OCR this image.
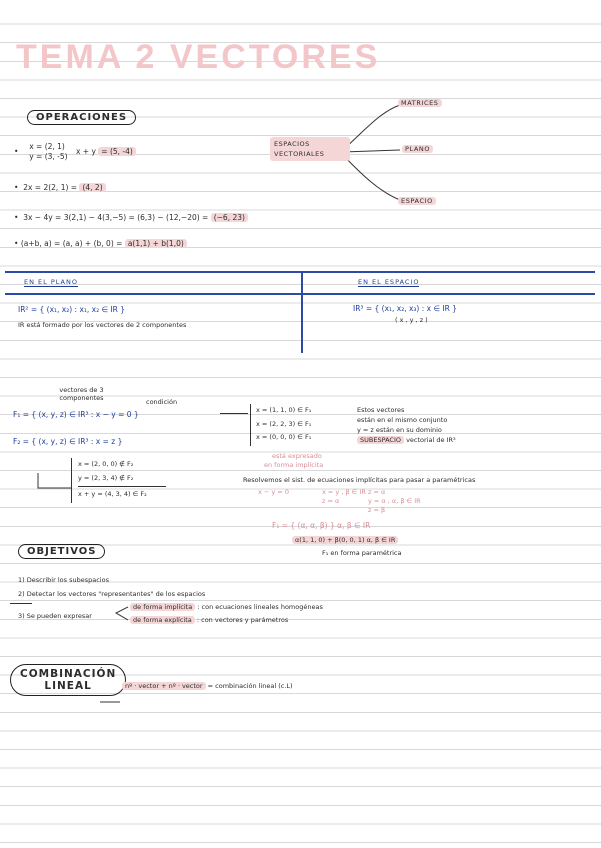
TEMA 2 VECTORES
OPERACIONES
•  x = (2, 1)
y = (3, -5) x + y = (5, -4)
•  2x = 2(2, 1) = (4, 2)
•  3x − 4y = 3(2,1) − 4(3,−5) = (6,3) − (12,−20) = (−6, 23)
• (a+b, a) = (a, a) + (b, 0) = a(1,1) + b(1,0)
ESPACIOS VECTORIALES
MATRICES
PLANO
ESPACIO
EN EL PLANO	EN EL ESPACIO
IR² = { (x₁, x₂) : x₁, x₂ ∈ IR }
IR está formado por los vectores de 2 componentes
IR³ = { (x₁, x₂, x₃) : x ∈ IR }
( x , y , z )
vectores de 3 componentes	condición
F₁ = { (x, y, z) ∈ IR³ : x − y = 0 }
F₂ = { (x, y, z) ∈ IR³ : x = z }
x = (2, 0, 0) ∉ F₂
y = (2, 3, 4) ∉ F₂
x + y = (4, 3, 4) ∈ F₂
x = (1, 1, 0) ∈ F₁
x = (2, 2, 3) ∈ F₁
x = (0, 0, 0) ∈ F₁
Estos vectores
están en el mismo conjunto
y = z están en su dominio
SUBESPACIO vectorial de IR³
está expresado
en forma implícita
Resolvemos el sist. de ecuaciones implícitas para pasar a paramétricas
x − y = 0	x = y , β ∈ IR
z = α	y = α , α, β ∈ IR
z = β
z = α
F₁ = { (α, α, β) } α, β ∈ IR
α(1, 1, 0) + β(0, 0, 1) α, β ∈ IR
F₁ en forma paramétrica
OBJETIVOS
1) Describir los subespacios
2) Detectar los vectores "representantes" de los espacios
3) Se pueden expresar
de forma implícita : con ecuaciones lineales homogéneas
de forma explícita : con vectores y parámetros
COMBINACIÓN
LINEAL	nº · vector + nº · vector = combinación lineal (c.L)
